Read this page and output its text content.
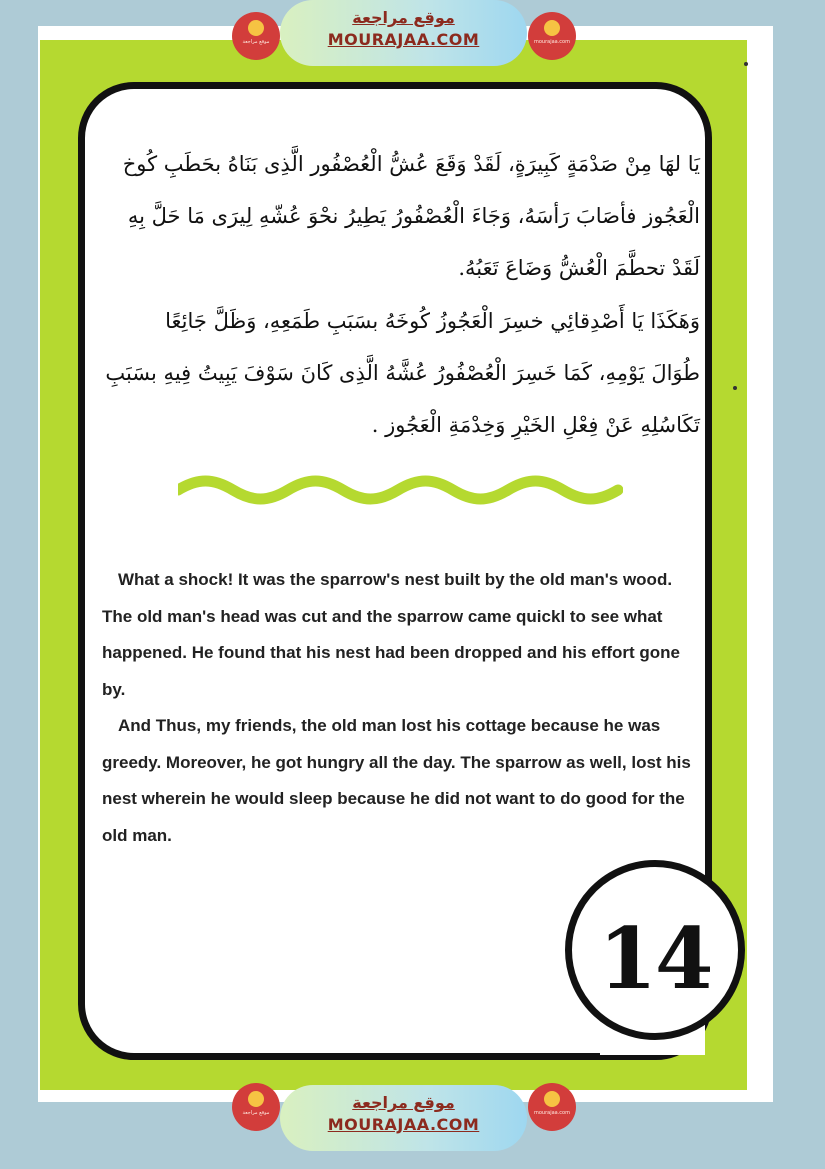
14

يَا لهَا مِنْ صَدْمَةٍ كَبِيرَةٍ، لَقَدْ وَقَعَ عُشُّ الْعُصْفُور الَّذِى بَنَاهُ بحَطَبِ كُوخ

الْعَجُوز فأصَابَ رَأسَهُ، وَجَاءَ الْعُصْفُورُ يَطِيرُ نحْوَ عُشّهِ لِيرَى مَا حَلَّ بِهِ

لَقَدْ تحطَّمَ الْعُشُّ وَضَاعَ تَعَبُهُ.

وَهَكَذَا يَا أَصْدِقائِي خسِرَ الْعَجُوزُ كُوخَهُ بسَبَبِ طَمَعِهِ، وَظَلَّ جَائِعًا

طُوَالَ يَوْمِهِ، كَمَا خَسِرَ الْعُصْفُورُ عُشَّهُ الَّذِى كَانَ سَوْفَ يَبِيتُ فِيهِ بسَبَبِ

تَكَاسُلِهِ عَنْ فِعْلِ الخَيْرِ وَخِدْمَةِ الْعَجُوز .

What a shock! It was the sparrow's nest built by the old man's wood. The old man's head was cut and the sparrow came quickl to see what happened. He found that his nest had been dropped and his effort gone by.

And Thus, my friends, the old man lost his cottage because he was greedy. Moreover, he got hungry all the day. The sparrow as well, lost his nest wherein he would sleep because he did not want to do good for the old man.

موقع مراجعة
موقع مراجعة
MOURAJAA.COM	mourajaa.com
موقع مراجعة
موقع مراجعة
MOURAJAA.COM
mourajaa.com
